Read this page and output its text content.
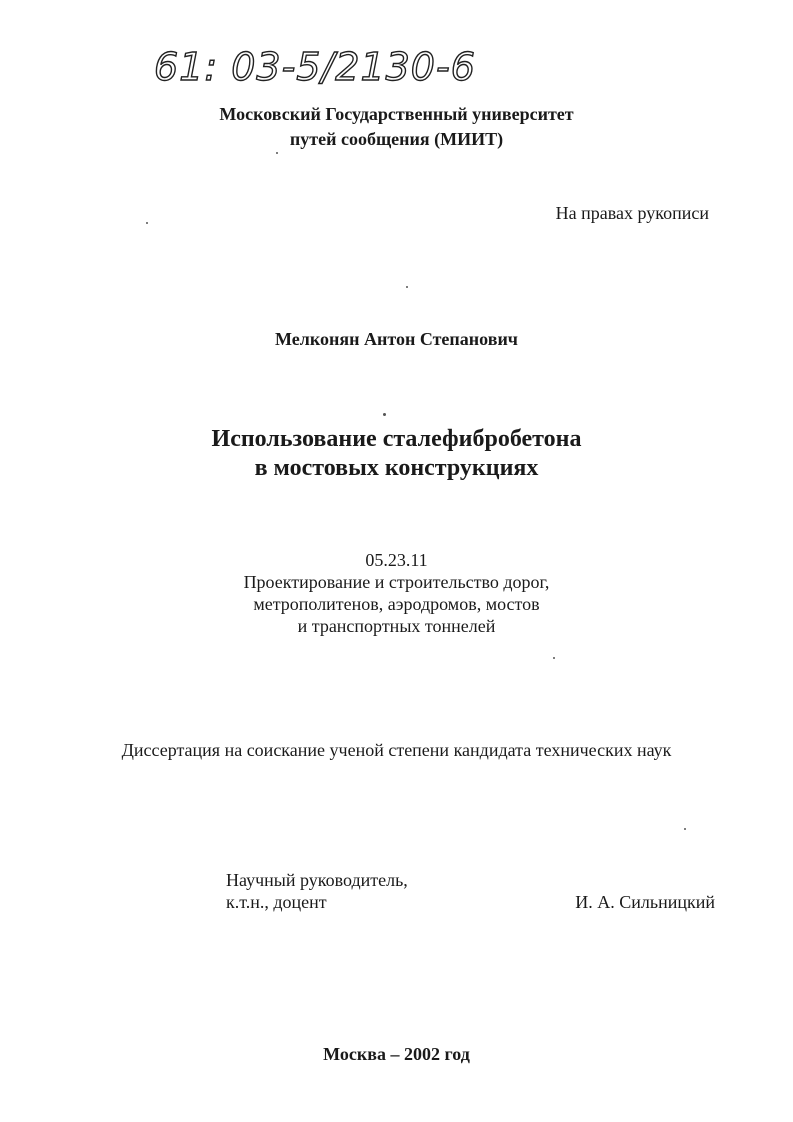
61: 03-5/2130-6
Московский Государственный университет
путей сообщения (МИИТ)
На правах рукописи
Мелконян Антон Степанович
Использование сталефибробетона
в мостовых конструкциях
05.23.11
Проектирование и строительство дорог,
метрополитенов, аэродромов, мостов
и транспортных тоннелей
Диссертация на соискание ученой степени кандидата технических наук
Научный руководитель,
к.т.н., доцент	И. А. Сильницкий
Москва – 2002 год
